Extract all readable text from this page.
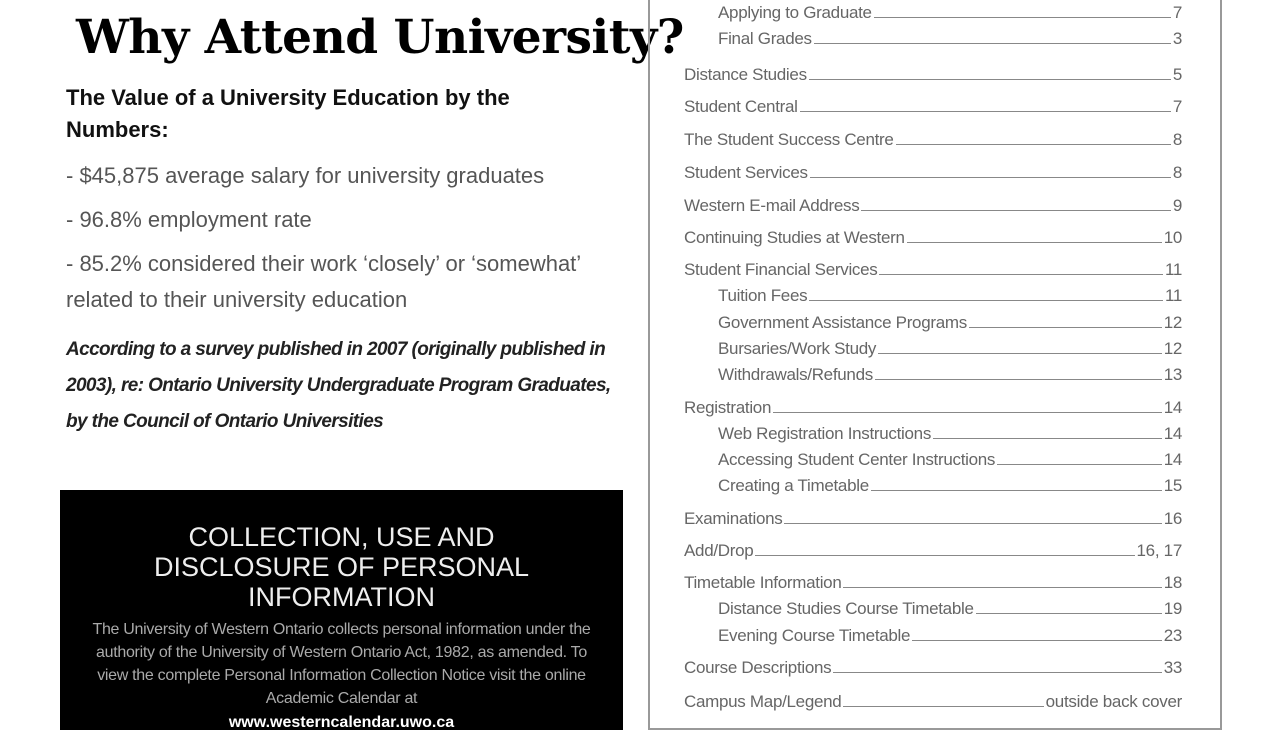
Why Attend University?
The Value of a University Education by the Numbers:
- $45,875 average salary for university graduates
- 96.8% employment rate
- 85.2% considered their work ‘closely’ or ‘somewhat’ related to their university education
According to a survey published in 2007 (originally published in 2003), re: Ontario University Undergraduate Program Graduates, by the Council of Ontario Universities
COLLECTION, USE AND DISCLOSURE OF PERSONAL INFORMATION
The University of Western Ontario collects personal information under the authority of the University of Western Ontario Act, 1982, as amended. To view the complete Personal Information Collection Notice visit the online Academic Calendar at
www.westerncalendar.uwo.ca
Applying to Graduate	7
Final Grades	3
Distance Studies	5
Student Central	7
The Student Success Centre	8
Student Services	8
Western E-mail Address	9
Continuing Studies at Western	10
Student Financial Services	11
Tuition Fees	11
Government Assistance Programs	12
Bursaries/Work Study	12
Withdrawals/Refunds	13
Registration	14
Web Registration Instructions	14
Accessing Student Center Instructions	14
Creating a Timetable	15
Examinations	16
Add/Drop	16, 17
Timetable Information	18
Distance Studies Course Timetable	19
Evening Course Timetable	23
Course Descriptions	33
Campus Map/Legend	outside back cover
